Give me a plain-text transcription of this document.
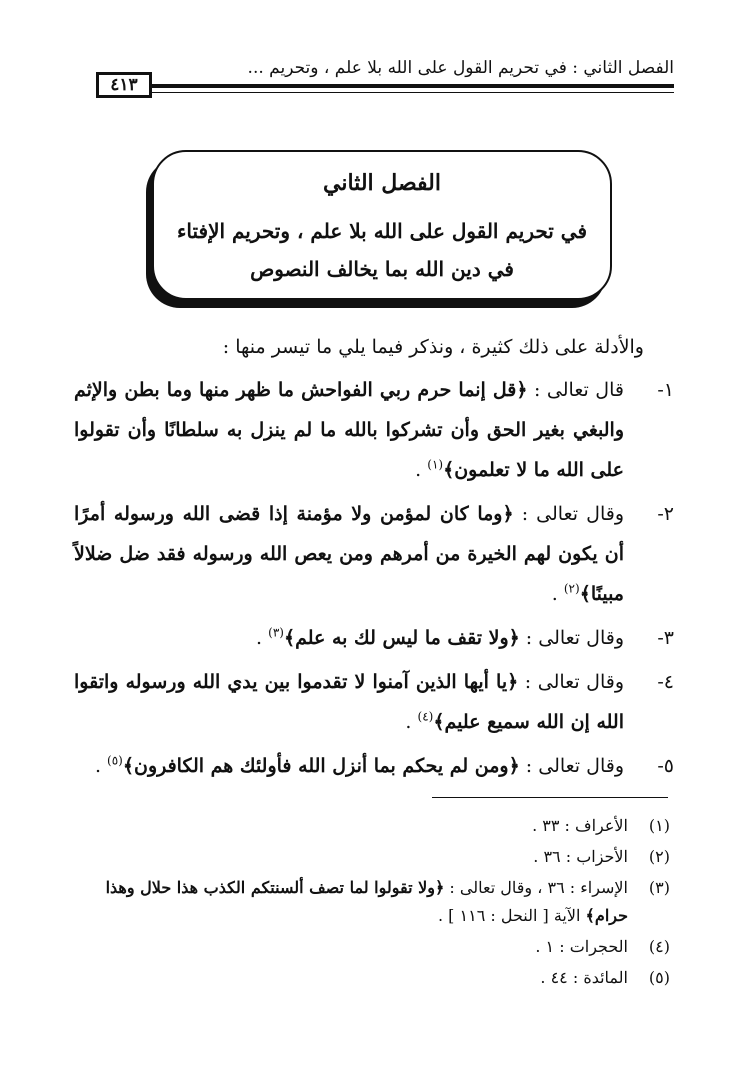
الفصل الثاني : في تحريم القول على الله بلا علم ، وتحريم ...
٤١٣
الفصل الثاني
في تحريم القول على الله بلا علم ، وتحريم الإفتاء
في دين الله بما يخالف النصوص
والأدلة على ذلك كثيرة ، ونذكر فيما يلي ما تيسر منها :
١-
قال تعالى : ﴿قل إنما حرم ربي الفواحش ما ظهر منها وما بطن والإثم والبغي بغير الحق وأن تشركوا بالله ما لم ينزل به سلطانًا وأن تقولوا على الله ما لا تعلمون﴾$^{(١)}$ .
٢-
وقال تعالى : ﴿وما كان لمؤمن ولا مؤمنة إذا قضى الله ورسوله أمرًا أن يكون لهم الخيرة من أمرهم ومن يعص الله ورسوله فقد ضل ضلالاً مبينًا﴾$^{(٢)}$ .
٣-
وقال تعالى : ﴿ولا تقف ما ليس لك به علم﴾$^{(٣)}$ .
٤-
وقال تعالى : ﴿يا أيها الذين آمنوا لا تقدموا بين يدي الله ورسوله واتقوا الله إن الله سميع عليم﴾$^{(٤)}$ .
٥-
وقال تعالى : ﴿ومن لم يحكم بما أنزل الله فأولئك هم الكافرون﴾$^{(٥)}$ .
(١)
الأعراف : ٣٣ .
(٢)
الأحزاب : ٣٦ .
(٣)
الإسراء : ٣٦ ، وقال تعالى : ﴿ولا تقولوا لما تصف ألسنتكم الكذب هذا حلال وهذا حرام﴾ الآية [ النحل : ١١٦ ] .
(٤)
الحجرات : ١ .
(٥)
المائدة : ٤٤ .
